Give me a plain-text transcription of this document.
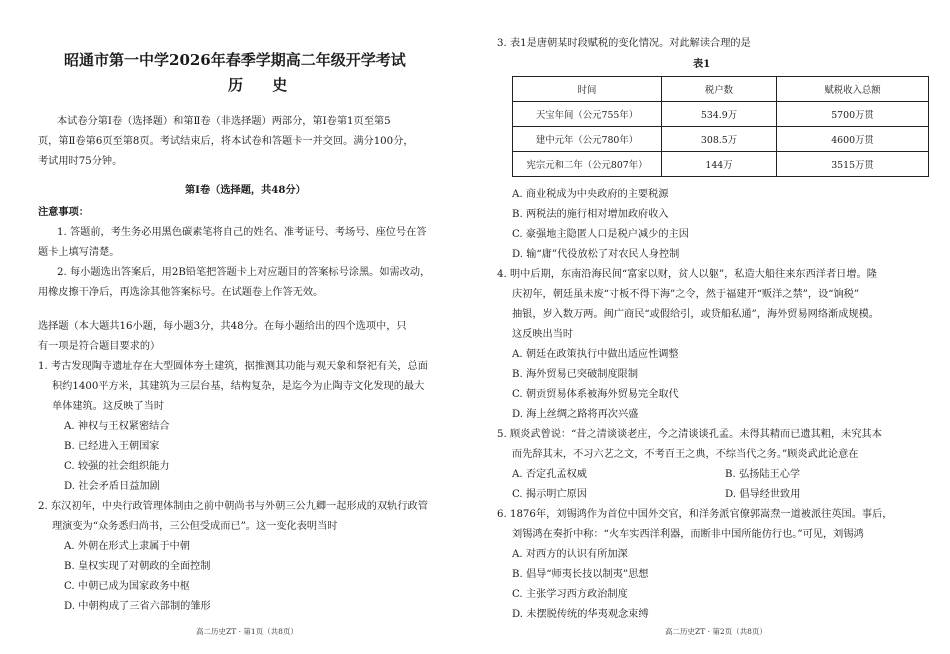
昭通市第一中学2026年春季学期高二年级开学考试
历 史
本试卷分第Ⅰ卷（选择题）和第Ⅱ卷（非选择题）两部分，第Ⅰ卷第1页至第5
页，第Ⅱ卷第6页至第8页。考试结束后，将本试卷和答题卡一并交回。满分100分，
考试用时75分钟。
第Ⅰ卷（选择题，共48分）
注意事项：
1. 答题前，考生务必用黑色碳素笔将自己的姓名、准考证号、考场号、座位号在答
题卡上填写清楚。
2. 每小题选出答案后，用2B铅笔把答题卡上对应题目的答案标号涂黑。如需改动，
用橡皮擦干净后，再选涂其他答案标号。在试题卷上作答无效。
选择题（本大题共16小题，每小题3分，共48分。在每小题给出的四个选项中，只
有一项是符合题目要求的）
1. 考古发现陶寺遗址存在大型圆体夯土建筑，据推测其功能与观天象和祭祀有关，总面
积约1400平方米，其建筑为三层台基，结构复杂，是迄今为止陶寺文化发现的最大
单体建筑。这反映了当时
A. 神权与王权紧密结合
B. 已经进入王朝国家
C. 较强的社会组织能力
D. 社会矛盾日益加剧
2. 东汉初年，中央行政管理体制由之前中朝尚书与外朝三公九卿一起形成的双轨行政管
理演变为“众务悉归尚书，三公但受成而已”。这一变化表明当时
A. 外朝在形式上隶属于中朝
B. 皇权实现了对朝政的全面控制
C. 中朝已成为国家政务中枢
D. 中朝构成了三省六部制的雏形
高二历史ZT · 第1页（共8页）
3. 表1是唐朝某时段赋税的变化情况。对此解读合理的是
表1
时间	税户数	赋税收入总额
天宝年间（公元755年）	534.9万	5700万贯
建中元年（公元780年）	308.5万	4600万贯
宪宗元和二年（公元807年）	144万	3515万贯
A. 商业税成为中央政府的主要税源
B. 两税法的施行相对增加政府收入
C. 豪强地主隐匿人口是税户减少的主因
D. 输“庸”代役放松了对农民人身控制
4. 明中后期，东南沿海民间“富家以财，贫人以躯”，私造大船往来东西洋者日增。隆
庆初年，朝廷虽未废“寸板不得下海”之令，然于福建开“贩洋之禁”，设“饷税”
抽银，岁入数万两。闽广商民“或假给引，或贷船私通”，海外贸易网络渐成规模。
这反映出当时
A. 朝廷在政策执行中做出适应性调整
B. 海外贸易已突破制度限制
C. 朝贡贸易体系被海外贸易完全取代
D. 海上丝绸之路将再次兴盛
5. 顾炎武曾说：“昔之清谈谈老庄，今之清谈谈孔孟。未得其精而已遗其粗，未究其本
而先辞其末，不习六艺之文，不考百王之典，不综当代之务。”顾炎武此论意在
A. 否定孔孟权威	B. 弘扬陆王心学
C. 揭示明亡原因	D. 倡导经世致用
6. 1876年，刘锡鸿作为首位中国外交官，和洋务派官僚郭嵩焘一道被派往英国。事后，
刘锡鸿在奏折中称：“火车实西洋利器，而断非中国所能仿行也。”可见，刘锡鸿
A. 对西方的认识有所加深
B. 倡导“师夷长技以制夷”思想
C. 主张学习西方政治制度
D. 未摆脱传统的华夷观念束缚
高二历史ZT · 第2页（共8页）
